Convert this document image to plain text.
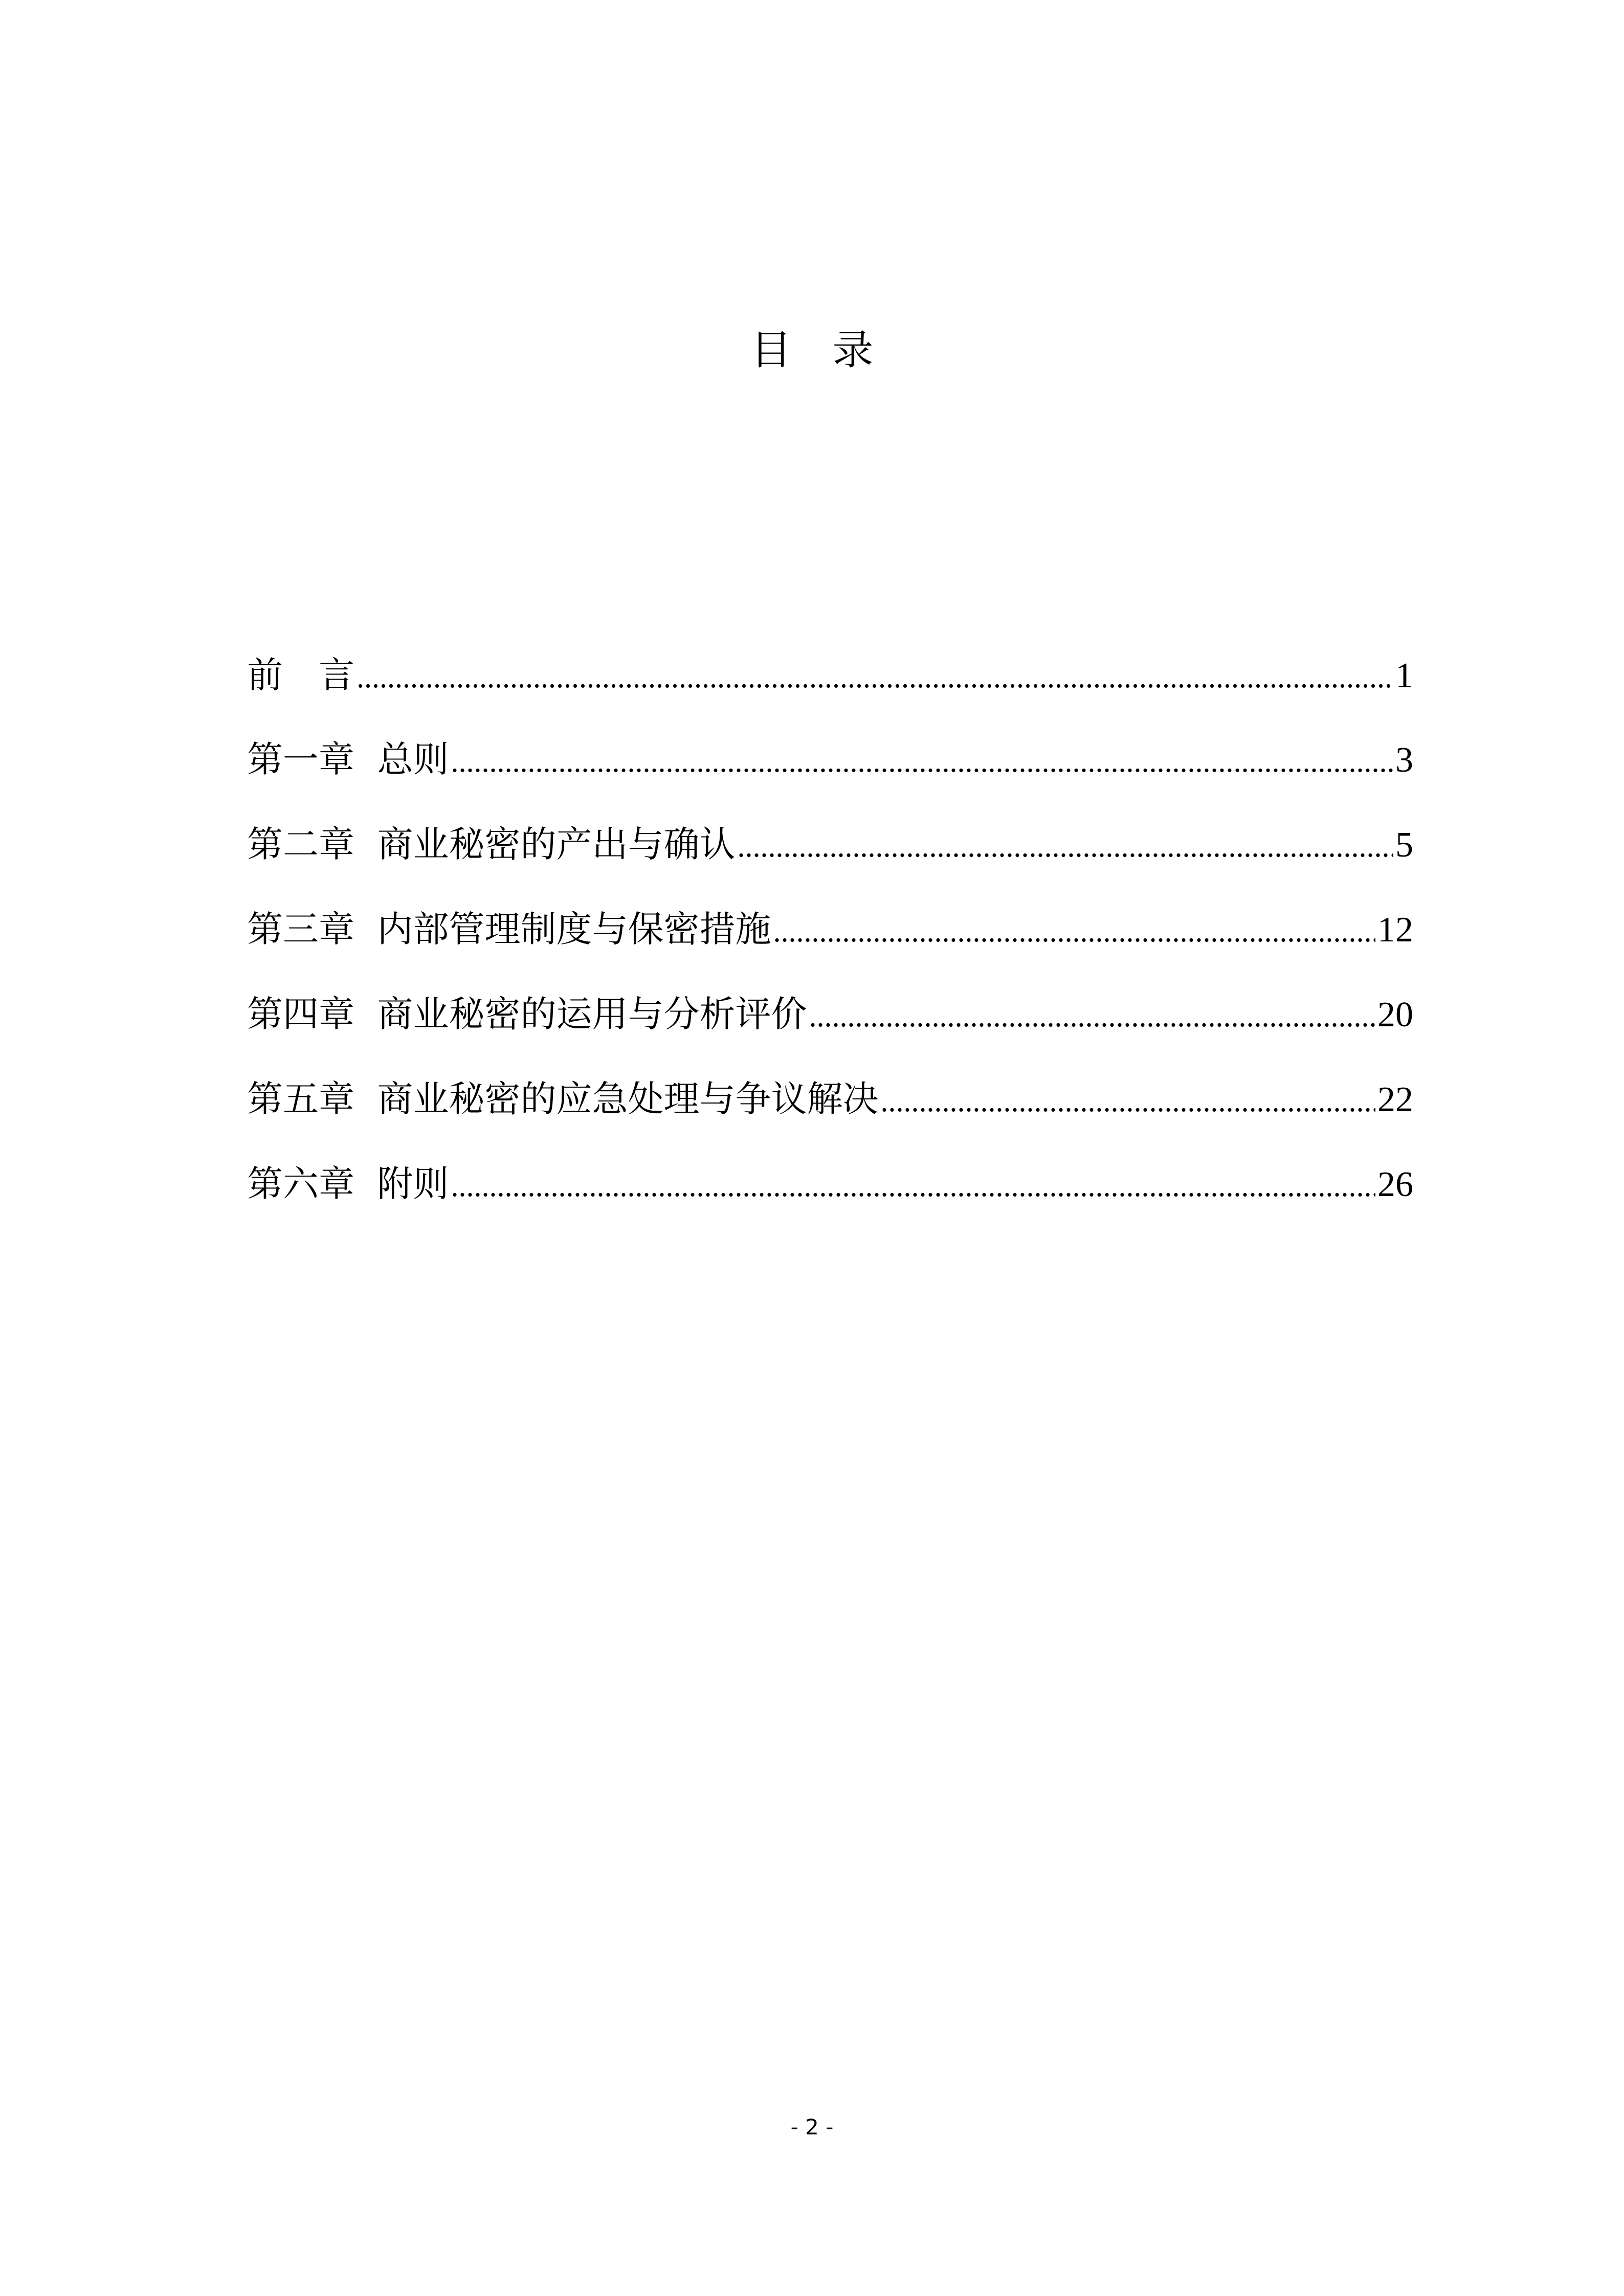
目　录
前　言 .....	1
第一章  总则 .....	3
第二章  商业秘密的产出与确认 .....	5
第三章  内部管理制度与保密措施 .....	12
第四章  商业秘密的运用与分析评价 .....	20
第五章  商业秘密的应急处理与争议解决 .....	22
第六章  附则 .....	26
- 2 -
